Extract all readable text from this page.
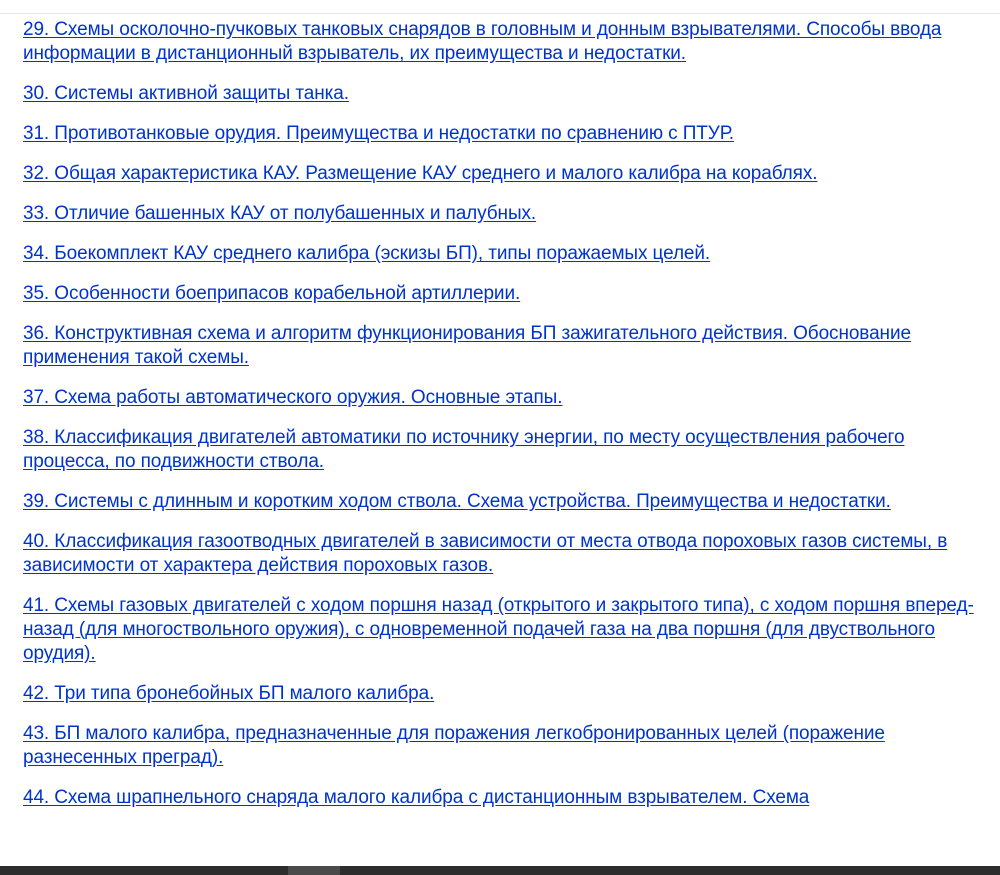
29. Схемы осколочно-пучковых танковых снарядов в головным и донным взрывателями. Способы ввода информации в дистанционный взрыватель, их преимущества и недостатки.
30. Системы активной защиты танка.
31. Противотанковые орудия. Преимущества и недостатки по сравнению с ПТУР.
32. Общая характеристика КАУ. Размещение КАУ среднего и малого калибра на кораблях.
33. Отличие башенных КАУ от полубашенных и палубных.
34. Боекомплект КАУ среднего калибра (эскизы БП), типы поражаемых целей.
35. Особенности боеприпасов корабельной артиллерии.
36. Конструктивная схема и алгоритм функционирования БП зажигательного действия. Обоснование применения такой схемы.
37. Схема работы автоматического оружия. Основные этапы.
38. Классификация двигателей автоматики по источнику энергии, по месту осуществления рабочего процесса, по подвижности ствола.
39. Системы с длинным и коротким ходом ствола. Схема устройства. Преимущества и недостатки.
40. Классификация газоотводных двигателей в зависимости от места отвода пороховых газов системы, в зависимости от характера действия пороховых газов.
41. Схемы газовых двигателей с ходом поршня назад (открытого и закрытого типа), с ходом поршня вперед-назад (для многоствольного оружия), с одновременной подачей газа на два поршня (для двуствольного орудия).
42. Три типа бронебойных БП малого калибра.
43. БП малого калибра, предназначенные для поражения легкобронированных целей (поражение разнесенных преград).
44. Схема шрапнельного снаряда малого калибра с дистанционным взрывателем. Схема
